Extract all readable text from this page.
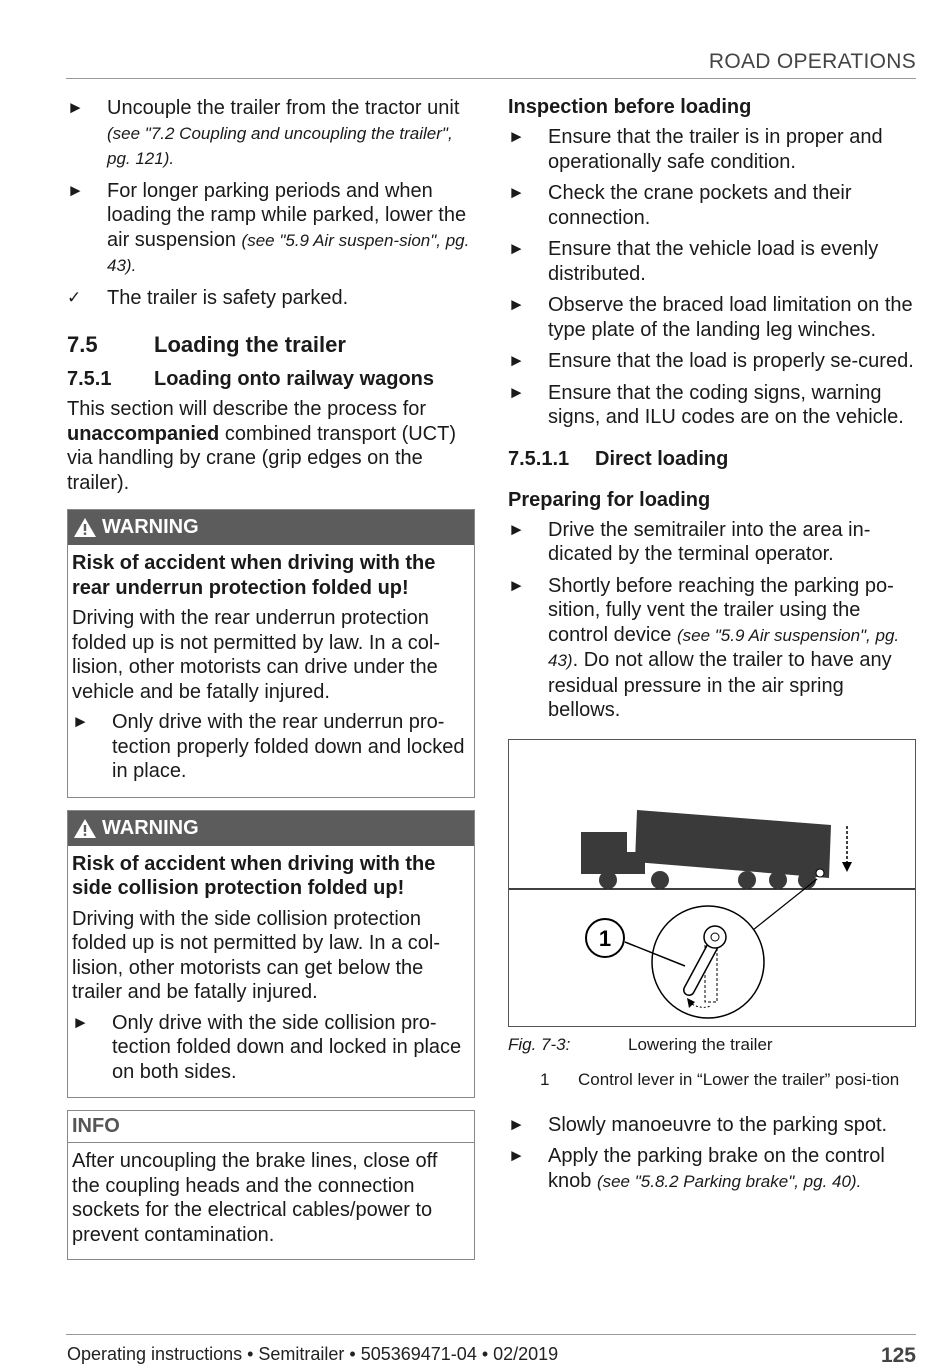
ROAD OPERATIONS
►	Uncouple the trailer from the tractor unit (see "7.2 Coupling and uncoupling the trailer", pg. 121).
►	For longer parking periods and when loading the ramp while parked, lower the air suspension (see "5.9 Air suspen-sion", pg. 43).
✓	The trailer is safety parked.
7.5	Loading the trailer
7.5.1	Loading onto railway wagons

This section will describe the process for unaccompanied combined transport (UCT) via handling by crane (grip edges on the trailer).

WARNING
Risk of accident when driving with the rear underrun protection folded up!
Driving with the rear underrun protection folded up is not permitted by law. In a col-lision, other motorists can drive under the vehicle and be fatally injured.
►	Only drive with the rear underrun pro-tection properly folded down and locked in place.
WARNING
Risk of accident when driving with the side collision protection folded up!
Driving with the side collision protection folded up is not permitted by law. In a col-lision, other motorists can get below the trailer and be fatally injured.
►	Only drive with the side collision pro-tection folded down and locked in place on both sides.
INFO
After uncoupling the brake lines, close off the coupling heads and the connection sockets for the electrical cables/power to prevent contamination.
Inspection before loading
►	Ensure that the trailer is in proper and operationally safe condition.
►	Check the crane pockets and their connection.
►	Ensure that the vehicle load is evenly distributed.
►	Observe the braced load limitation on the type plate of the landing leg winches.
►	Ensure that the load is properly se-cured.
►	Ensure that the coding signs, warning signs, and ILU codes are on the vehicle.
7.5.1.1	Direct loading
Preparing for loading
►	Drive the semitrailer into the area in-dicated by the terminal operator.
►	Shortly before reaching the parking po-sition, fully vent the trailer using the control device (see "5.9 Air suspension", pg. 43). Do not allow the trailer to have any residual pressure in the air spring bellows.
1
Fig. 7-3:	Lowering the trailer
1	Control lever in “Lower the trailer” posi-tion
►	Slowly manoeuvre to the parking spot.
►	Apply the parking brake on the control knob (see "5.8.2 Parking brake", pg. 40).
Operating instructions • Semitrailer • 505369471-04 • 02/2019	125
